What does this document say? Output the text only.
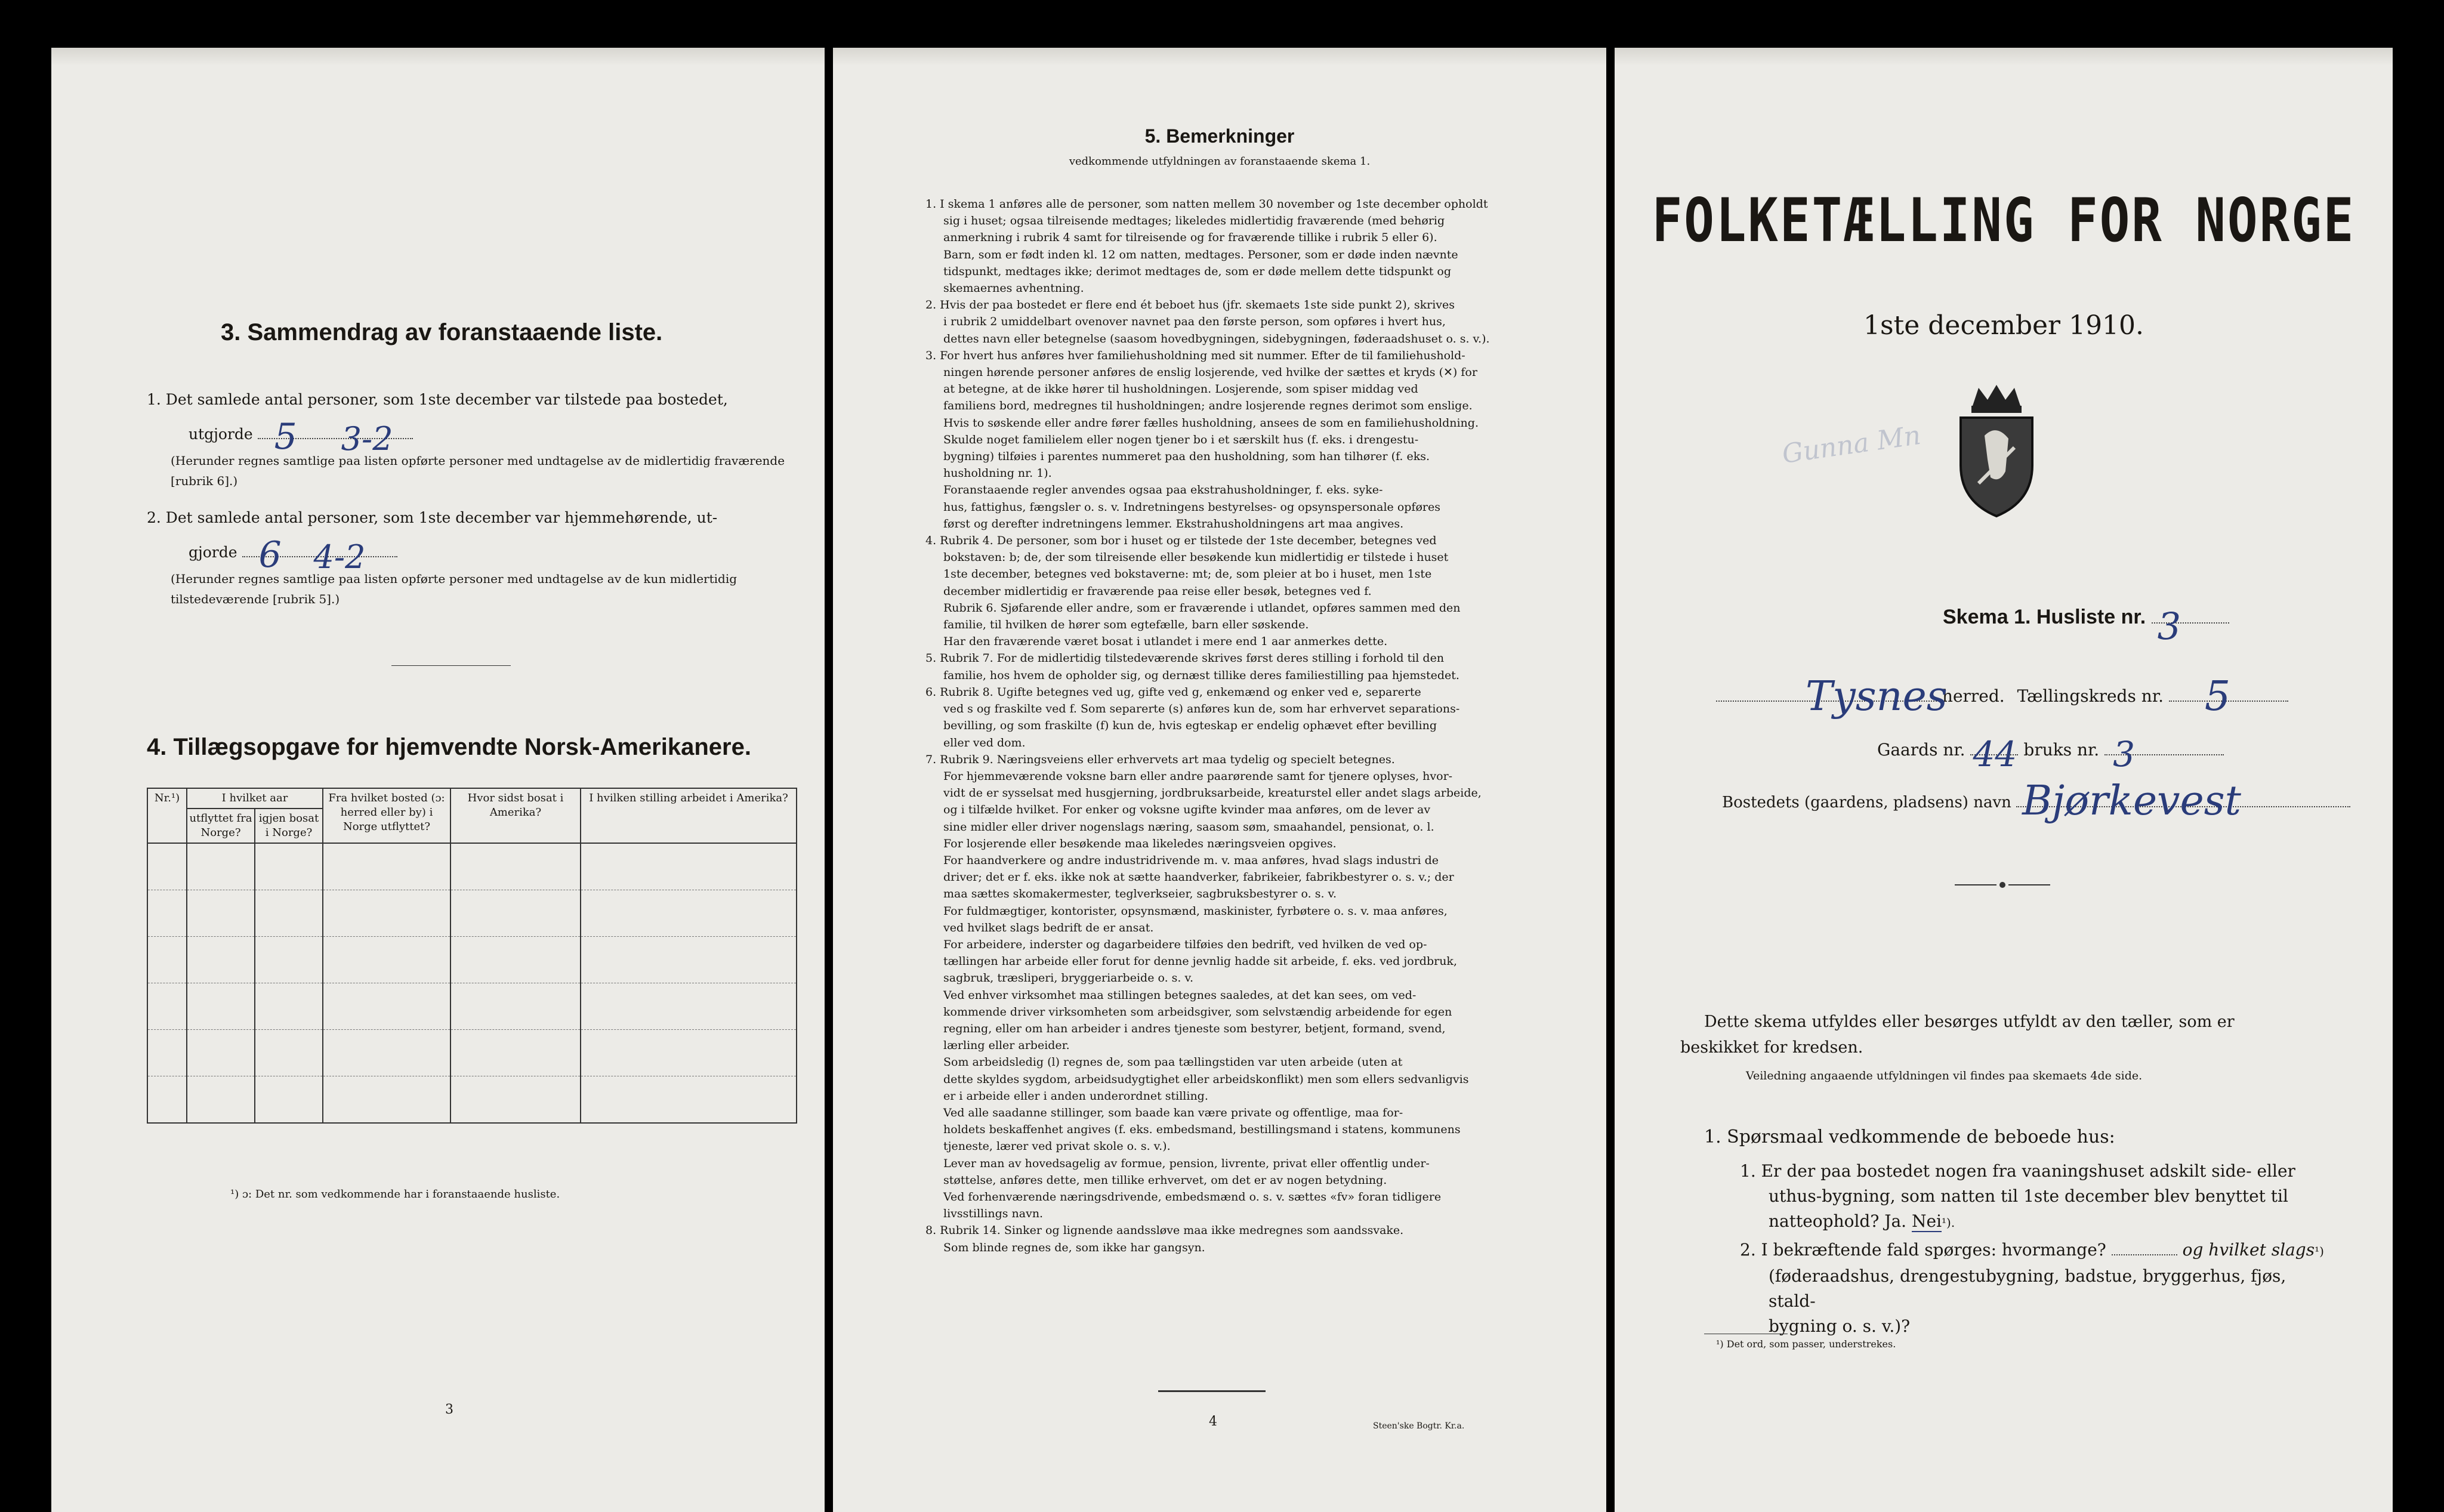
3. Sammendrag av foranstaaende liste.
1. Det samlede antal personer, som 1ste december var tilstede paa bostedet,
utgjorde 5 3-2
(Herunder regnes samtlige paa listen opførte personer med undtagelse av de midlertidig fraværende [rubrik 6].)
2. Det samlede antal personer, som 1ste december var hjemmehørende, ut-
gjorde 6 4-2
(Herunder regnes samtlige paa listen opførte personer med undtagelse av de kun midlertidig tilstedeværende [rubrik 5].)
4. Tillægsopgave for hjemvendte Norsk-Amerikanere.
Nr.¹)	I hvilket aar		Fra hvilket bosted (ɔ: herred eller by) i Norge utflyttet?	Hvor sidst bosat i Amerika?	I hvilken stilling arbeidet i Amerika?
	utflyttet fra Norge?	igjen bosat i Norge?			

¹) ɔ: Det nr. som vedkommende har i foranstaaende husliste.
3
5. Bemerkninger
vedkommende utfyldningen av foranstaaende skema 1.

1. I skema 1 anføres alle de personer, som natten mellem 30 november og 1ste december opholdt

sig i huset; ogsaa tilreisende medtages; likeledes midlertidig fraværende (med behørig

anmerkning i rubrik 4 samt for tilreisende og for fraværende tillike i rubrik 5 eller 6).

Barn, som er født inden kl. 12 om natten, medtages. Personer, som er døde inden nævnte

tidspunkt, medtages ikke; derimot medtages de, som er døde mellem dette tidspunkt og

skemaernes avhentning.

2. Hvis der paa bostedet er flere end ét beboet hus (jfr. skemaets 1ste side punkt 2), skrives

i rubrik 2 umiddelbart ovenover navnet paa den første person, som opføres i hvert hus,

dettes navn eller betegnelse (saasom hovedbygningen, sidebygningen, føderaadshuset o. s. v.).

3. For hvert hus anføres hver familiehusholdning med sit nummer. Efter de til familiehushold-

ningen hørende personer anføres de enslig losjerende, ved hvilke der sættes et kryds (✕) for

at betegne, at de ikke hører til husholdningen. Losjerende, som spiser middag ved

familiens bord, medregnes til husholdningen; andre losjerende regnes derimot som enslige.

Hvis to søskende eller andre fører fælles husholdning, ansees de som en familiehusholdning.

Skulde noget familielem eller nogen tjener bo i et særskilt hus (f. eks. i drengestu-

bygning) tilføies i parentes nummeret paa den husholdning, som han tilhører (f. eks.

husholdning nr. 1).

Foranstaaende regler anvendes ogsaa paa ekstrahusholdninger, f. eks. syke-

hus, fattighus, fængsler o. s. v. Indretningens bestyrelses- og opsynspersonale opføres

først og derefter indretningens lemmer. Ekstrahusholdningens art maa angives.

4. Rubrik 4. De personer, som bor i huset og er tilstede der 1ste december, betegnes ved

bokstaven: b; de, der som tilreisende eller besøkende kun midlertidig er tilstede i huset

1ste december, betegnes ved bokstaverne: mt; de, som pleier at bo i huset, men 1ste

december midlertidig er fraværende paa reise eller besøk, betegnes ved f.

Rubrik 6. Sjøfarende eller andre, som er fraværende i utlandet, opføres sammen med den

familie, til hvilken de hører som egtefælle, barn eller søskende.

Har den fraværende været bosat i utlandet i mere end 1 aar anmerkes dette.

5. Rubrik 7. For de midlertidig tilstedeværende skrives først deres stilling i forhold til den

familie, hos hvem de opholder sig, og dernæst tillike deres familiestilling paa hjemstedet.

6. Rubrik 8. Ugifte betegnes ved ug, gifte ved g, enkemænd og enker ved e, separerte

ved s og fraskilte ved f. Som separerte (s) anføres kun de, som har erhvervet separations-

bevilling, og som fraskilte (f) kun de, hvis egteskap er endelig ophævet efter bevilling

eller ved dom.

7. Rubrik 9. Næringsveiens eller erhvervets art maa tydelig og specielt betegnes.

For hjemmeværende voksne barn eller andre paarørende samt for tjenere oplyses, hvor-

vidt de er sysselsat med husgjerning, jordbruksarbeide, kreaturstel eller andet slags arbeide,

og i tilfælde hvilket. For enker og voksne ugifte kvinder maa anføres, om de lever av

sine midler eller driver nogenslags næring, saasom søm, smaahandel, pensionat, o. l.

For losjerende eller besøkende maa likeledes næringsveien opgives.

For haandverkere og andre industridrivende m. v. maa anføres, hvad slags industri de

driver; det er f. eks. ikke nok at sætte haandverker, fabrikeier, fabrikbestyrer o. s. v.; der

maa sættes skomakermester, teglverkseier, sagbruksbestyrer o. s. v.

For fuldmægtiger, kontorister, opsynsmænd, maskinister, fyrbøtere o. s. v. maa anføres,

ved hvilket slags bedrift de er ansat.

For arbeidere, inderster og dagarbeidere tilføies den bedrift, ved hvilken de ved op-

tællingen har arbeide eller forut for denne jevnlig hadde sit arbeide, f. eks. ved jordbruk,

sagbruk, træsliperi, bryggeriarbeide o. s. v.

Ved enhver virksomhet maa stillingen betegnes saaledes, at det kan sees, om ved-

kommende driver virksomheten som arbeidsgiver, som selvstændig arbeidende for egen

regning, eller om han arbeider i andres tjeneste som bestyrer, betjent, formand, svend,

lærling eller arbeider.

Som arbeidsledig (l) regnes de, som paa tællingstiden var uten arbeide (uten at

dette skyldes sygdom, arbeidsudygtighet eller arbeidskonflikt) men som ellers sedvanligvis

er i arbeide eller i anden underordnet stilling.

Ved alle saadanne stillinger, som baade kan være private og offentlige, maa for-

holdets beskaffenhet angives (f. eks. embedsmand, bestillingsmand i statens, kommunens

tjeneste, lærer ved privat skole o. s. v.).

Lever man av hovedsagelig av formue, pension, livrente, privat eller offentlig under-

støttelse, anføres dette, men tillike erhvervet, om det er av nogen betydning.

Ved forhenværende næringsdrivende, embedsmænd o. s. v. sættes «fv» foran tidligere

livsstillings navn.

8. Rubrik 14. Sinker og lignende aandssløve maa ikke medregnes som aandssvake.

Som blinde regnes de, som ikke har gangsyn.

4	Steen'ske Bogtr. Kr.a.
FOLKETÆLLING FOR NORGE
1ste december 1910.
Gunna Mn
Skema 1. Husliste nr. 3
Tysnes
herred. Tællingskreds nr. 5
Gaards nr. 44 bruks nr. 3
Bostedets (gaardens, pladsens) navn Bjørkevest
Dette skema utfyldes eller besørges utfyldt av den tæller, som er
beskikket for kredsen.
Veiledning angaaende utfyldningen vil findes paa skemaets 4de side.
1. Spørsmaal vedkommende de beboede hus:
1. Er der paa bostedet nogen fra vaaningshuset adskilt side- eller
uthus-bygning, som natten til 1ste december blev benyttet til
natteophold? Ja. Nei¹).
2. I bekræftende fald spørges: hvormange?	og hvilket slags¹)
(føderaadshus, drengestubygning, badstue, bryggerhus, fjøs, stald-
bygning o. s. v.)?
¹) Det ord, som passer, understrekes.
